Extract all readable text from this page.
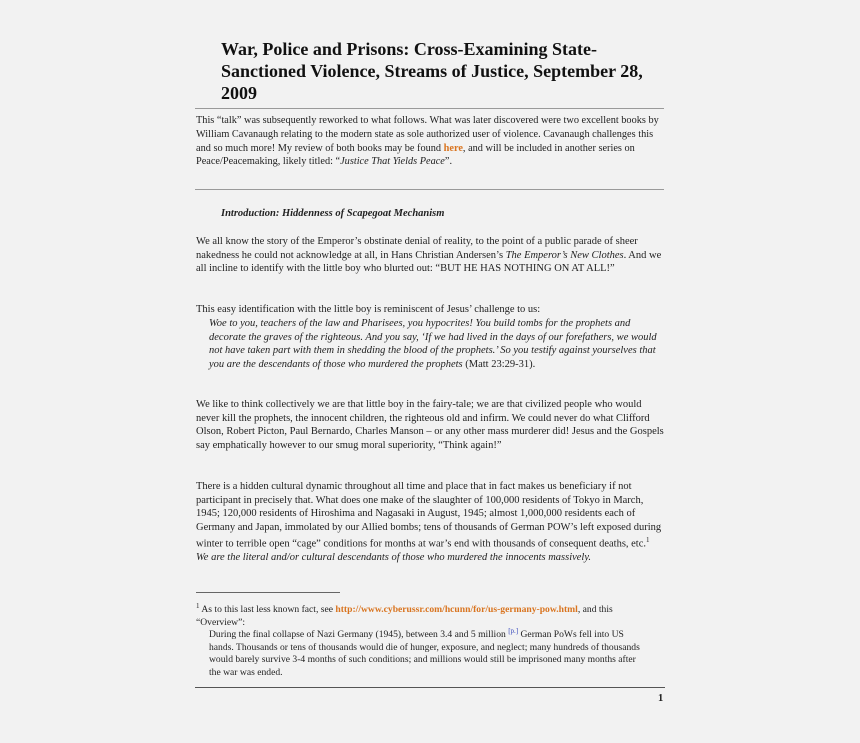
War, Police and Prisons: Cross-Examining State-Sanctioned Violence, Streams of Justice, September 28, 2009
This “talk” was subsequently reworked to what follows. What was later discovered were two excellent books by William Cavanaugh relating to the modern state as sole authorized user of violence. Cavanaugh challenges this and so much more! My review of both books may be found here, and will be included in another series on Peace/Peacemaking, likely titled: “Justice That Yields Peace”.
Introduction: Hiddenness of Scapegoat Mechanism
We all know the story of the Emperor’s obstinate denial of reality, to the point of a public parade of sheer nakedness he could not acknowledge at all, in Hans Christian Andersen’s The Emperor’s New Clothes. And we all incline to identify with the little boy who blurted out: “BUT HE HAS NOTHING ON AT ALL!”
This easy identification with the little boy is reminiscent of Jesus’ challenge to us:
Woe to you, teachers of the law and Pharisees, you hypocrites! You build tombs for the prophets and decorate the graves of the righteous. And you say, ‘If we had lived in the days of our forefathers, we would not have taken part with them in shedding the blood of the prophets.’ So you testify against yourselves that you are the descendants of those who murdered the prophets (Matt 23:29-31).
We like to think collectively we are that little boy in the fairy-tale; we are that civilized people who would never kill the prophets, the innocent children, the righteous old and infirm. We could never do what Clifford Olson, Robert Picton, Paul Bernardo, Charles Manson – or any other mass murderer did! Jesus and the Gospels say emphatically however to our smug moral superiority, “Think again!”
There is a hidden cultural dynamic throughout all time and place that in fact makes us beneficiary if not participant in precisely that. What does one make of the slaughter of 100,000 residents of Tokyo in March, 1945; 120,000 residents of Hiroshima and Nagasaki in August, 1945; almost 1,000,000 residents each of Germany and Japan, immolated by our Allied bombs; tens of thousands of German POW’s left exposed during winter to terrible open “cage” conditions for months at war’s end with thousands of consequent deaths, etc.$^1$ We are the literal and/or cultural descendants of those who murdered the innocents massively.
$^1$ As to this last less known fact, see http://www.cyberussr.com/hcunn/for/us-germany-pow.html, and this “Overview”:
During the final collapse of Nazi Germany (1945), between 3.4 and 5 million [p.] German PoWs fell into US hands. Thousands or tens of thousands would die of hunger, exposure, and neglect; many hundreds of thousands would barely survive 3-4 months of such conditions; and millions would still be imprisoned many months after the war was ended.
1
